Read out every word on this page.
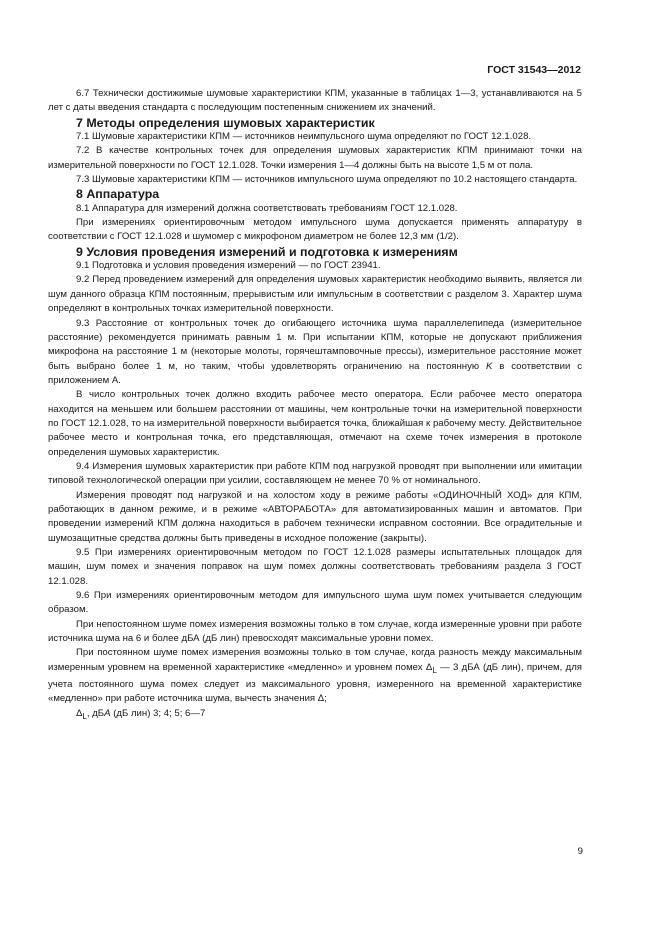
ГОСТ 31543—2012

6.7 Технически достижимые шумовые характеристики КПМ, указанные в таблицах 1—3, устанавливаются на 5 лет с даты введения стандарта с последующим постепенным снижением их значений.

7 Методы определения шумовых характеристик

7.1 Шумовые характеристики КПМ — источников неимпульсного шума определяют по ГОСТ 12.1.028.

7.2 В качестве контрольных точек для определения шумовых характеристик КПМ принимают точки на измерительной поверхности по ГОСТ 12.1.028. Точки измерения 1—4 должны быть на высоте 1,5 м от пола.

7.3 Шумовые характеристики КПМ — источников импульсного шума определяют по 10.2 настоящего стандарта.

8 Аппаратура

8.1 Аппаратура для измерений должна соответствовать требованиям ГОСТ 12.1.028.

При измерениях ориентировочным методом импульсного шума допускается применять аппаратуру в соответствии с ГОСТ 12.1.028 и шумомер с микрофоном диаметром не более 12,3 мм (1/2).

9 Условия проведения измерений и подготовка к измерениям

9.1 Подготовка и условия проведения измерений — по ГОСТ 23941.

9.2 Перед проведением измерений для определения шумовых характеристик необходимо выявить, является ли шум данного образца КПМ постоянным, прерывистым или импульсным в соответствии с разделом 3. Характер шума определяют в контрольных точках измерительной поверхности.

9.3 Расстояние от контрольных точек до огибающего источника шума параллелепипеда (измерительное расстояние) рекомендуется принимать равным 1 м. При испытании КПМ, которые не допускают приближения микрофона на расстояние 1 м (некоторые молоты, горячештамповочные прессы), измерительное расстояние может быть выбрано более 1 м, но таким, чтобы удовлетворять ограничению на постоянную K в соответствии с приложением А.

В число контрольных точек должно входить рабочее место оператора. Если рабочее место оператора находится на меньшем или большем расстоянии от машины, чем контрольные точки на измерительной поверхности по ГОСТ 12.1.028, то на измерительной поверхности выбирается точка, ближайшая к рабочему месту. Действительное рабочее место и контрольная точка, его представляющая, отмечают на схеме точек измерения в протоколе определения шумовых характеристик.

9.4 Измерения шумовых характеристик при работе КПМ под нагрузкой проводят при выполнении или имитации типовой технологической операции при усилии, составляющем не менее 70 % от номинального.

Измерения проводят под нагрузкой и на холостом ходу в режиме работы «ОДИНОЧНЫЙ ХОД» для КПМ, работающих в данном режиме, и в режиме «АВТОРАБОТА» для автоматизированных машин и автоматов. При проведении измерений КПМ должна находиться в рабочем технически исправном состоянии. Все оградительные и шумозащитные средства должны быть приведены в исходное положение (закрыты).

9.5 При измерениях ориентировочным методом по ГОСТ 12.1.028 размеры испытательных площадок для машин, шум помех и значения поправок на шум помех должны соответствовать требованиям раздела 3 ГОСТ 12.1.028.

9.6 При измерениях ориентировочным методом для импульсного шума шум помех учитывается следующим образом.

При непостоянном шуме помех измерения возможны только в том случае, когда измеренные уровни при работе источника шума на 6 и более дБА (дБ лин) превосходят максимальные уровни помех.

При постоянном шуме помех измерения возможны только в том случае, когда разность между максимальным измеренным уровнем на временной характеристике «медленно» и уровнем помех $\Delta_L$ — 3 дБА (дБ лин), причем, для учета постоянного шума помех следует из максимального уровня, измеренного на временной характеристике «медленно» при работе источника шума, вычесть значения Δ;

$\Delta_L$, дБА (дБ лин) 3; 4; 5; 6—7

9
